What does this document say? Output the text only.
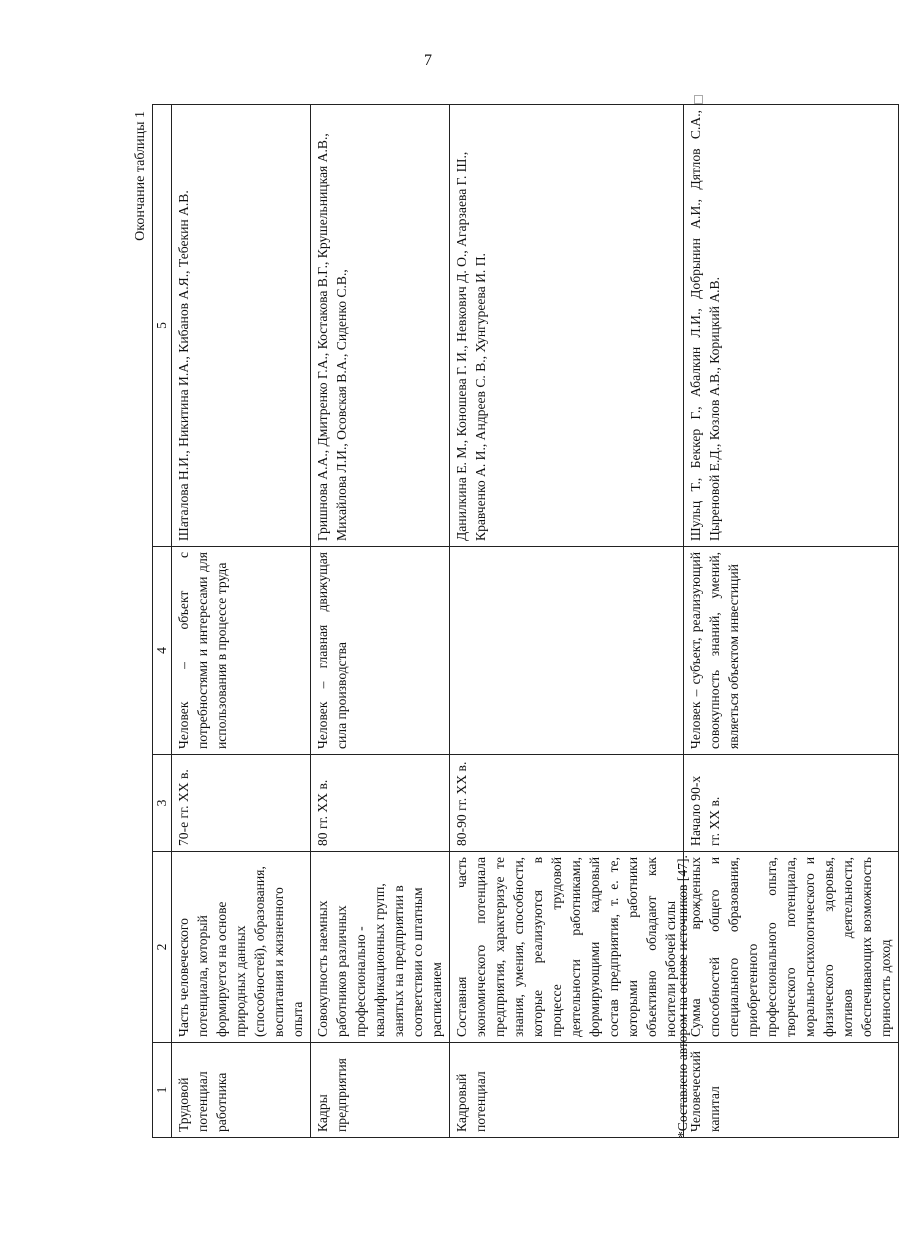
7
Окончание таблицы 1
1	2	3	4	5
Трудовой потенциал работника	Часть человеческого потенциала, который формируется на основе природных данных (способностей), образования, воспитания и жизненного опыта	70-е гг. XX в.	Человек – объект с потребностями и интересами для использования в процессе труда	Шаталова Н.И., Никитина И.А., Кибанов А.Я., Тебекин А.В.
Кадры предприятия	Совокупность наемных работников различных профессионально - квалификационных групп, занятых на предприятии в соответствии со штатным расписанием	80 гг. XX в.	Человек – главная движущая сила производства	Гришнова А.А., Дмитренко Г.А., Костакова В.Г., Крушельницкая А.В., Михайлова Л.И., Осовская В.А., Сиденко С.В.,
Кадровый потенциал	Составная часть экономического потенциала предприятия, характеризуе те знания, умения, способности, которые реализуются в процессе трудовой деятельности работниками, формирующими кадровый состав предприятия, т. е. те, которыми работники объективно обладают как носители рабочей силы	80-90 гг. XX в.		Данилкина Е. М., Коношева Г. И., Невкович Д. О., Агарзаева Г. Ш., Кравченко А. И., Андреев С. В., Хунгуреева И. П.
Человеческий капитал	Сумма врожденных способностей общего и специального образования, приобретенного профессионального опыта, творческого потенциала, морально-психологического и физического здоровья, мотивов деятельности, обеспечивающих возможность приносить доход	Начало 90-х гг. XX в.	Человек – субъект, реализующий совокупность знаний, умений, являеться объектом инвестиций	Шульц Т., Беккер Г., Абалкин Л.И., Добрынин А.И., Дятлов С.А., Цыреновой Е.Д., Козлов А.В., Корицкий А.В.
*Составлено автором на основе источников [47].
